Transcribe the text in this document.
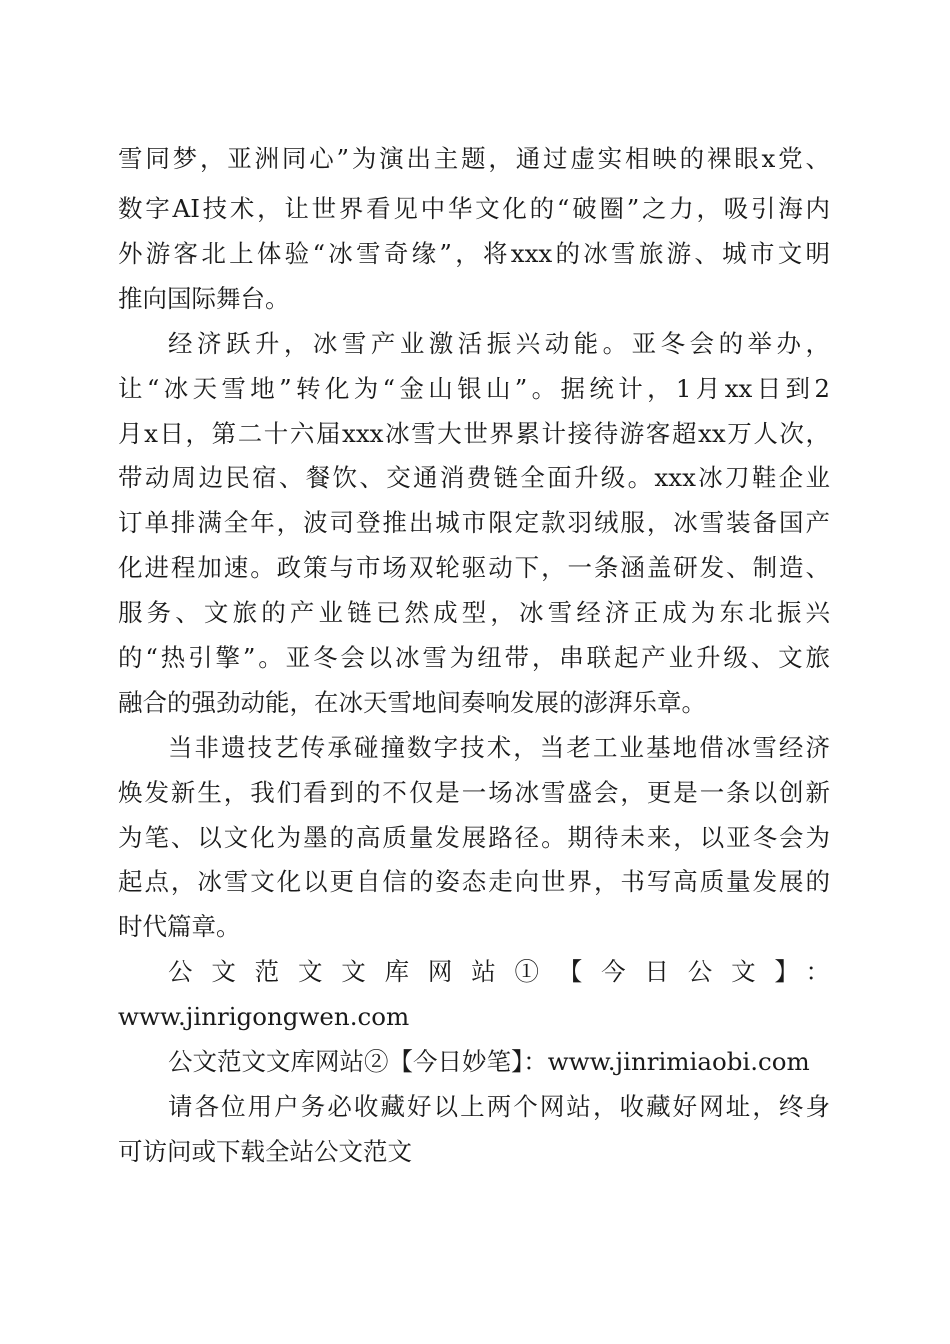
雪同梦，亚洲同心”为演出主题，通过虚实相映的裸眼x党、
数字AI技术，让世界看见中华文化的“破圈”之力，吸引海内
外游客北上体验“冰雪奇缘”，将xxx的冰雪旅游、城市文明
推向国际舞台。
经济跃升，冰雪产业激活振兴动能。亚冬会的举办，
让“冰天雪地”转化为“金山银山”。据统计，1月xx日到2
月x日，第二十六届xxx冰雪大世界累计接待游客超xx万人次，
带动周边民宿、餐饮、交通消费链全面升级。xxx冰刀鞋企业
订单排满全年，波司登推出城市限定款羽绒服，冰雪装备国产
化进程加速。政策与市场双轮驱动下，一条涵盖研发、制造、
服务、文旅的产业链已然成型，冰雪经济正成为东北振兴
的“热引擎”。亚冬会以冰雪为纽带，串联起产业升级、文旅
融合的强劲动能，在冰天雪地间奏响发展的澎湃乐章。
当非遗技艺传承碰撞数字技术，当老工业基地借冰雪经济
焕发新生，我们看到的不仅是一场冰雪盛会，更是一条以创新
为笔、以文化为墨的高质量发展路径。期待未来，以亚冬会为
起点，冰雪文化以更自信的姿态走向世界，书写高质量发展的
时代篇章。
公文范文文库网站①【今日公文】：
www.jinrigongwen.com
公文范文文库网站②【今日妙笔】：www.jinrimiaobi.com
请各位用户务必收藏好以上两个网站，收藏好网址，终身
可访问或下载全站公文范文
